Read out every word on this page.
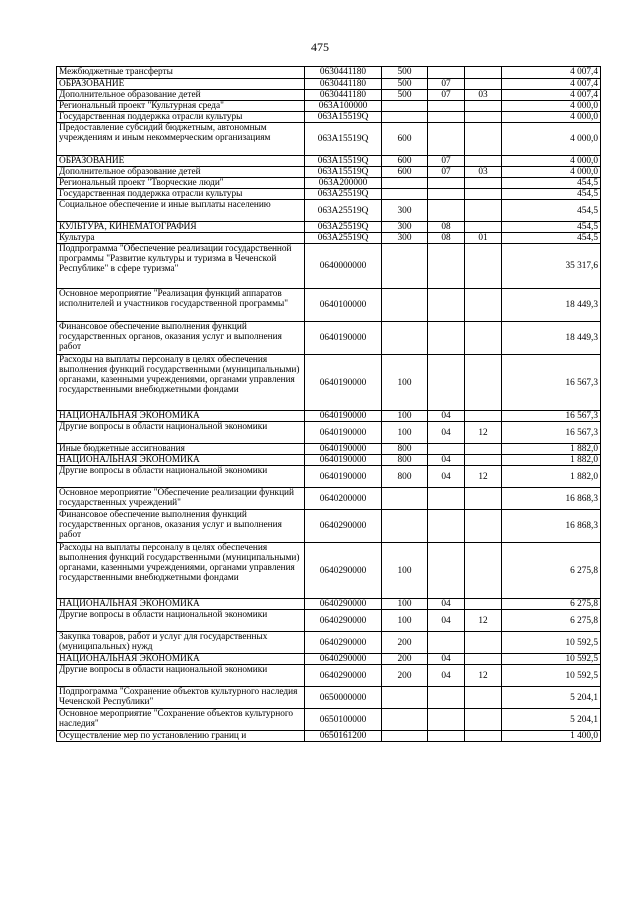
475
Межбюджетные трансферты	0630441180	500			4 007,4
ОБРАЗОВАНИЕ	0630441180	500	07		4 007,4
Дополнительное образование детей	0630441180	500	07	03	4 007,4
Региональный проект "Культурная среда"	063A100000				4 000,0
Государственная поддержка отрасли культуры	063A15519Q				4 000,0
Предоставление субсидий бюджетным, автономным учреждениям и иным некоммерческим организациям	063A15519Q	600			4 000,0
ОБРАЗОВАНИЕ	063A15519Q	600	07		4 000,0
Дополнительное образование детей	063A15519Q	600	07	03	4 000,0
Региональный проект "Творческие люди"	063A200000				454,5
Государственная поддержка отрасли культуры	063A25519Q				454,5
Социальное обеспечение и иные выплаты населению	063A25519Q	300			454,5
КУЛЬТУРА, КИНЕМАТОГРАФИЯ	063A25519Q	300	08		454,5
Культура	063A25519Q	300	08	01	454,5
Подпрограмма "Обеспечение реализации государственной программы "Развитие культуры и туризма в Чеченской Республике" в сфере туризма"	0640000000				35 317,6
Основное мероприятие "Реализация функций аппаратов исполнителей и участников государственной программы"	0640100000				18 449,3
Финансовое обеспечение выполнения функций государственных органов, оказания услуг и выполнения работ	0640190000				18 449,3
Расходы на выплаты персоналу в целях обеспечения выполнения функций государственными (муниципальными) органами, казенными учреждениями, органами управления государственными внебюджетными фондами	0640190000	100			16 567,3
НАЦИОНАЛЬНАЯ ЭКОНОМИКА	0640190000	100	04		16 567,3
Другие вопросы в области национальной экономики	0640190000	100	04	12	16 567,3
Иные бюджетные ассигнования	0640190000	800			1 882,0
НАЦИОНАЛЬНАЯ ЭКОНОМИКА	0640190000	800	04		1 882,0
Другие вопросы в области национальной экономики	0640190000	800	04	12	1 882,0
Основное мероприятие "Обеспечение реализации функций государственных учреждений"	0640200000				16 868,3
Финансовое обеспечение выполнения функций государственных органов, оказания услуг и выполнения работ	0640290000				16 868,3
Расходы на выплаты персоналу в целях обеспечения выполнения функций государственными (муниципальными) органами, казенными учреждениями, органами управления государственными внебюджетными фондами	0640290000	100			6 275,8
НАЦИОНАЛЬНАЯ ЭКОНОМИКА	0640290000	100	04		6 275,8
Другие вопросы в области национальной экономики	0640290000	100	04	12	6 275,8
Закупка товаров, работ и услуг для государственных (муниципальных) нужд	0640290000	200			10 592,5
НАЦИОНАЛЬНАЯ ЭКОНОМИКА	0640290000	200	04		10 592,5
Другие вопросы в области национальной экономики	0640290000	200	04	12	10 592,5
Подпрограмма "Сохранение объектов культурного наследия Чеченской Республики"	0650000000				5 204,1
Основное мероприятие "Сохранение объектов культурного наследия"	0650100000				5 204,1
Осуществление мер по установлению границ и	0650161200				1 400,0
